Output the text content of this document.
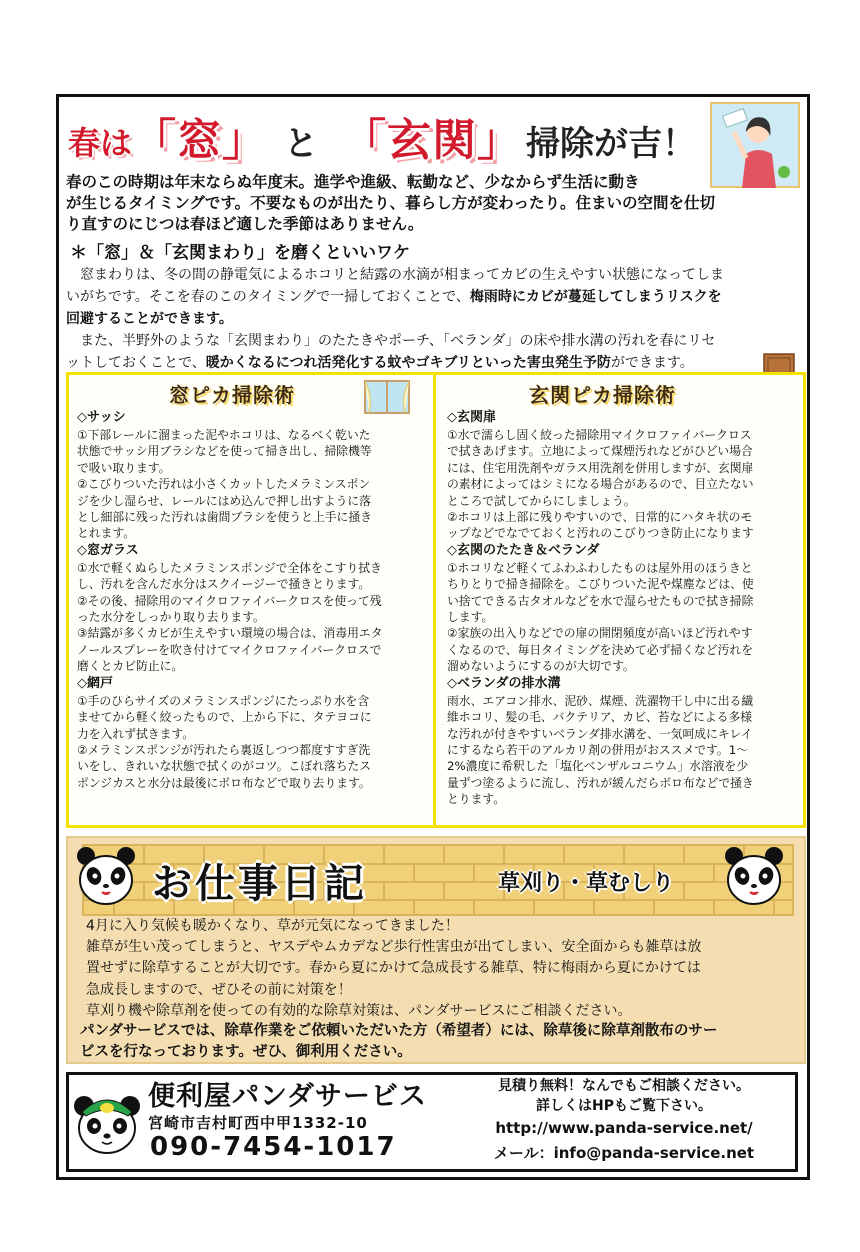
春は 「窓」 と 「玄関」 掃除が吉！

春のこの時期は年末ならぬ年度末。進学や進級、転勤など、少なからず生活に動き

が生じるタイミングです。不要なものが出たり、暮らし方が変わったり。住まいの空間を仕切

り直すのにじつは春ほど適した季節はありません。

＊「窓」＆「玄関まわり」を磨くといいワケ

　窓まわりは、冬の間の静電気によるホコリと結露の水滴が相まってカビの生えやすい状態になってしま

いがちです。そこを春のこのタイミングで一掃しておくことで、梅雨時にカビが蔓延してしまうリスクを

回避することができます。

　また、半野外のような「玄関まわり」のたたきやポーチ、「ベランダ」の床や排水溝の汚れを春にリセ

ットしておくことで、暖かくなるにつれ活発化する蚊やゴキブリといった害虫発生予防ができます。

窓ピカ掃除術

◇サッシ

①下部レールに溜まった泥やホコリは、なるべく乾いた

状態でサッシ用ブラシなどを使って掃き出し、掃除機等

で吸い取ります。

②こびりついた汚れは小さくカットしたメラミンスポン

ジを少し湿らせ、レールにはめ込んで押し出すように落

とし細部に残った汚れは歯間ブラシを使うと上手に掻き

とれます。

◇窓ガラス

①水で軽くぬらしたメラミンスポンジで全体をこすり拭き

し、汚れを含んだ水分はスクイージーで掻きとります。

②その後、掃除用のマイクロファイバークロスを使って残

った水分をしっかり取り去ります。

③結露が多くカビが生えやすい環境の場合は、消毒用エタ

ノールスプレーを吹き付けてマイクロファイバークロスで

磨くとカビ防止に。

◇網戸

①手のひらサイズのメラミンスポンジにたっぷり水を含

ませてから軽く絞ったもので、上から下に、タテヨコに

力を入れず拭きます。

②メラミンスポンジが汚れたら裏返しつつ都度すすぎ洗

いをし、きれいな状態で拭くのがコツ。こぼれ落ちたス

ポンジカスと水分は最後にボロ布などで取り去ります。

玄関ピカ掃除術

◇玄関扉

①水で濡らし固く絞った掃除用マイクロファイバークロス

で拭きあげます。立地によって煤煙汚れなどがひどい場合

には、住宅用洗剤やガラス用洗剤を併用しますが、玄関扉

の素材によってはシミになる場合があるので、目立たない

ところで試してからにしましょう。

②ホコリは上部に残りやすいので、日常的にハタキ状のモ

ップなどでなでておくと汚れのこびりつき防止になります

◇玄関のたたき＆ベランダ

①ホコリなど軽くてふわふわしたものは屋外用のほうきと

ちりとりで掃き掃除を。こびりついた泥や煤塵などは、使

い捨てできる古タオルなどを水で湿らせたもので拭き掃除

します。

②家族の出入りなどでの扉の開閉頻度が高いほど汚れやす

くなるので、毎日タイミングを決めて必ず掃くなど汚れを

溜めないようにするのが大切です。

◇ベランダの排水溝

雨水、エアコン排水、泥砂、煤煙、洗濯物干し中に出る繊

維ホコリ、髪の毛、バクテリア、カビ、苔などによる多様

な汚れが付きやすいベランダ排水溝を、一気呵成にキレイ

にするなら若干のアルカリ剤の併用がおススメです。1～

2%濃度に希釈した「塩化ベンザルコニウム」水溶液を少

量ずつ塗るように流し、汚れが緩んだらボロ布などで掻き

とります。

お仕事日記	草刈り・草むしり

4月に入り気候も暖かくなり、草が元気になってきました！

雑草が生い茂ってしまうと、ヤスデやムカデなど歩行性害虫が出てしまい、安全面からも雑草は放

置せずに除草することが大切です。春から夏にかけて急成長する雑草、特に梅雨から夏にかけては

急成長しますので、ぜひその前に対策を！

草刈り機や除草剤を使っての有効的な除草対策は、パンダサービスにご相談ください。

パンダサービスでは、除草作業をご依頼いただいた方（希望者）には、除草後に除草剤散布のサー

ビスを行なっております。ぜひ、御利用ください。

便利屋パンダサービス
宮崎市吉村町西中甲1332-10
090-7454-1017
見積り無料！なんでもご相談ください。
詳しくはHPもご覧下さい。
http://www.panda-service.net/
メール：info@panda-service.net
